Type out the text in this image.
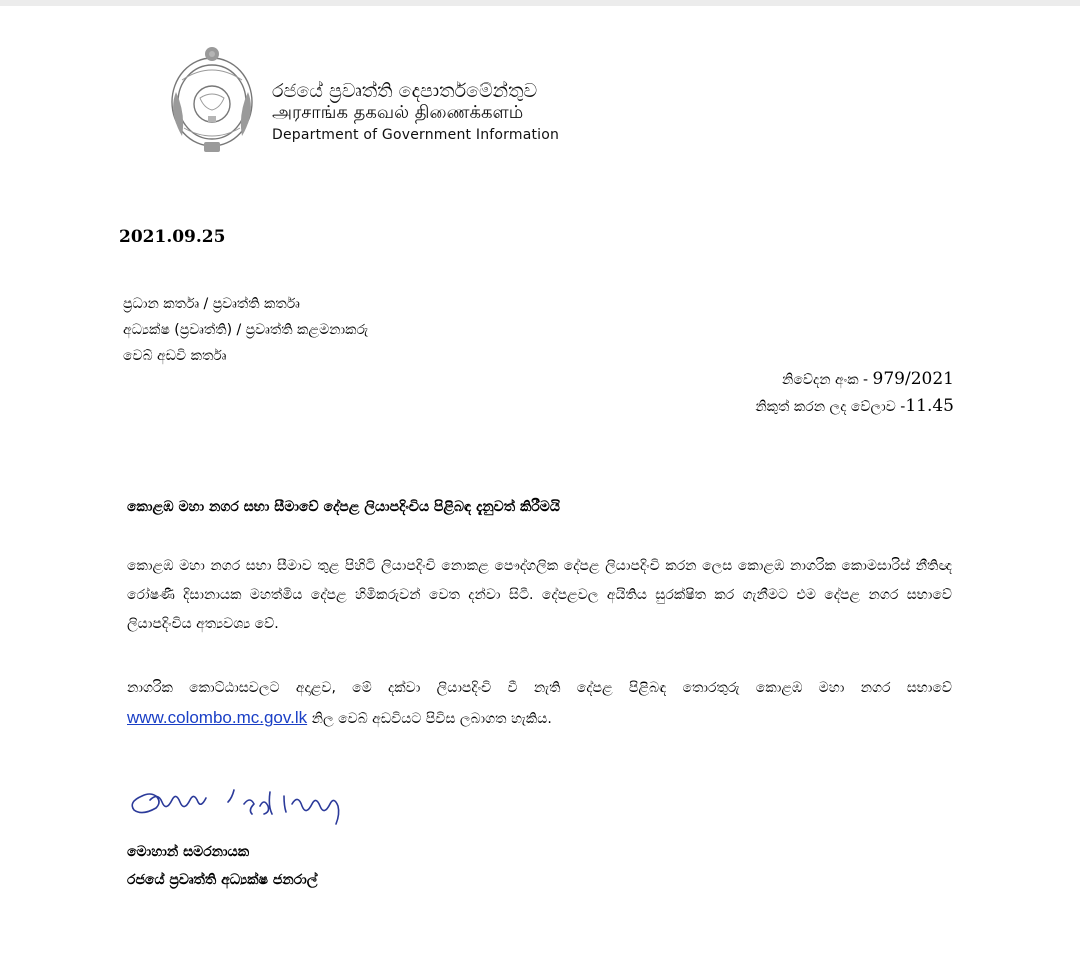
රජයේ ප්‍රවෘත්ති දෙපාර්තමේන්තුව
அரசாங்க தகவல் திணைக்களம்
Department of Government Information
2021.09.25
ප්‍රධාන කර්තෘ / ප්‍රවෘත්ති කර්තෘ
අධ්‍යක්ෂ (ප්‍රවෘත්ති) / ප්‍රවෘත්ති කළමනාකරු
වෙබ් අඩවි කර්තෘ
නිවේදන අංක - 979/2021
නිකුත් කරන ලද වේලාව -11.45
කොළඹ මහා නගර සභා සීමාවේ දේපළ ලියාපදිංචිය පිළිබඳ දැනුවත් කිරීමයි
කොළඹ මහා නගර සභා සීමාව තුළ පිහිටි ලියාපදිංචි නොකළ පෞද්ගලික දේපළ ලියාපදිංචි කරන ලෙස කොළඹ නාගරික කොමසාරිස් නීතිඥ රෝෂණී දිසානායක මහත්මිය දේපළ හිමිකරුවන් වෙත දන්වා සිටී. දේපළවල අයිතිය සුරක්ෂිත කර ගැනීමට එම දේපළ නගර සභාවේ ලියාපදිංචිය අත්‍යවශ්‍ය වේ.
නාගරික කොට්ඨාසවලට අදාළව, මේ දක්වා ලියාපදිංචි වී නැති දේපළ පිළිබඳ තොරතුරු කොළඹ මහා නගර සභාවේ www.colombo.mc.gov.lk නිල වෙබ් අඩවියට පිවිස ලබාගත හැකිය.
මොහාන් සමරනායක
රජයේ ප්‍රවෘත්ති අධ්‍යක්ෂ ජනරාල්
